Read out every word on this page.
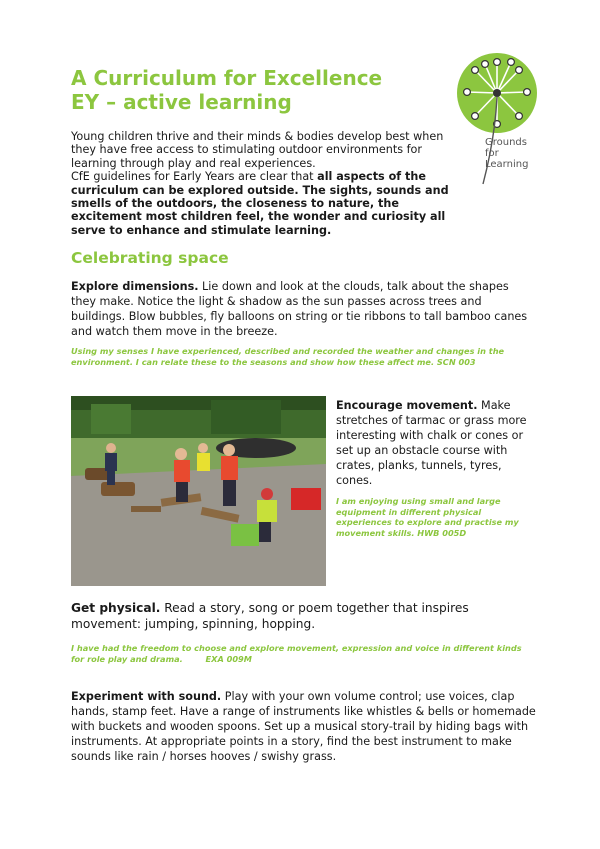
A Curriculum for Excellence
EY – active learning
Grounds
for
Learning

Young children thrive and their minds & bodies develop best when they have free access to stimulating outdoor environments for learning through play and real experiences.

CfE guidelines for Early Years are clear that all aspects of the curriculum can be explored outside. The sights, sounds and smells of the outdoors, the closeness to nature, the excitement most children feel, the wonder and curiosity all serve to enhance and stimulate learning.

Celebrating space
Explore dimensions. Lie down and look at the clouds, talk about the shapes they make. Notice the light & shadow as the sun passes across trees and buildings. Blow bubbles, fly balloons on string or tie ribbons to tall bamboo canes and watch them move in the breeze.
Using my senses I have experienced, described and recorded the weather and changes in the environment. I can relate these to the seasons and show how these affect me. SCN 003
Encourage movement. Make stretches of tarmac or grass more interesting with chalk or cones or set up an obstacle course with crates, planks, tunnels, tyres, cones.
I am enjoying using small and large equipment in different physical experiences to explore and practise my movement skills. HWB 005D
Get physical. Read a story, song or poem together that inspires movement: jumping, spinning, hopping.
I have had the freedom to choose and explore movement, expression and voice in different kinds for role play and drama.        EXA 009M
Experiment with sound. Play with your own volume control; use voices, clap hands, stamp feet. Have a range of instruments like whistles & bells or homemade with buckets and wooden spoons. Set up a musical story-trail by hiding bags with instruments. At appropriate points in a story, find the best instrument to make sounds like rain / horses hooves / swishy grass.
